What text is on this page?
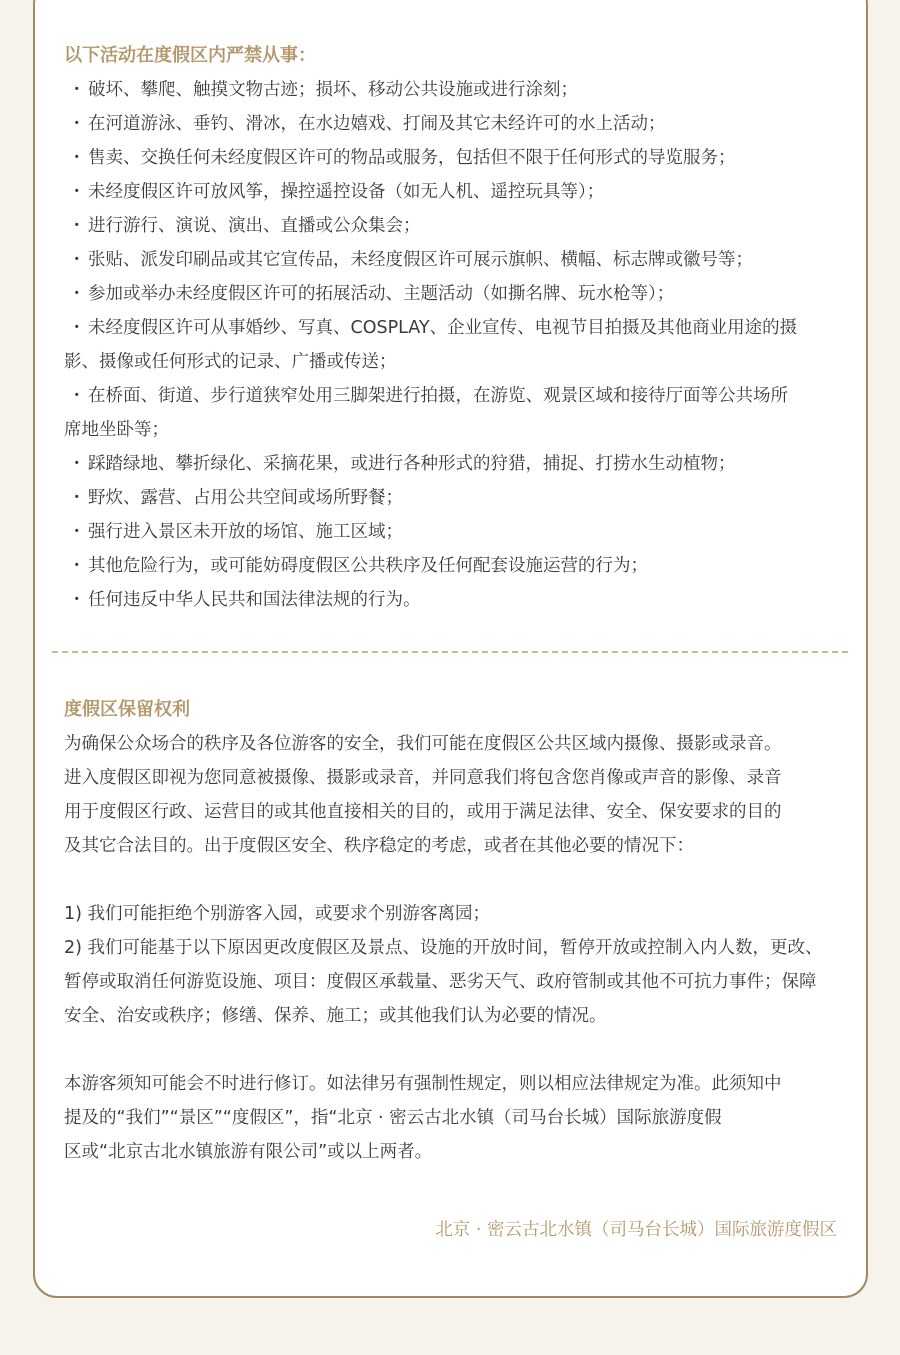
以下活动在度假区内严禁从事：
・ 破坏、攀爬、触摸文物古迹；损坏、移动公共设施或进行涂刻；
・ 在河道游泳、垂钓、滑冰，在水边嬉戏、打闹及其它未经许可的水上活动；
・ 售卖、交换任何未经度假区许可的物品或服务，包括但不限于任何形式的导览服务；
・ 未经度假区许可放风筝，操控遥控设备（如无人机、遥控玩具等）；
・ 进行游行、演说、演出、直播或公众集会；
・ 张贴、派发印刷品或其它宣传品，未经度假区许可展示旗帜、横幅、标志牌或徽号等；
・ 参加或举办未经度假区许可的拓展活动、主题活动（如撕名牌、玩水枪等）；
・ 未经度假区许可从事婚纱、写真、COSPLAY、企业宣传、电视节目拍摄及其他商业用途的摄
影、摄像或任何形式的记录、广播或传送；
・ 在桥面、街道、步行道狭窄处用三脚架进行拍摄，在游览、观景区域和接待厅面等公共场所
席地坐卧等；
・ 踩踏绿地、攀折绿化、采摘花果，或进行各种形式的狩猎，捕捉、打捞水生动植物；
・ 野炊、露营、占用公共空间或场所野餐；
・ 强行进入景区未开放的场馆、施工区域；
・ 其他危险行为，或可能妨碍度假区公共秩序及任何配套设施运营的行为；
・ 任何违反中华人民共和国法律法规的行为。
度假区保留权利
为确保公众场合的秩序及各位游客的安全，我们可能在度假区公共区域内摄像、摄影或录音。
进入度假区即视为您同意被摄像、摄影或录音，并同意我们将包含您肖像或声音的影像、录音
用于度假区行政、运营目的或其他直接相关的目的，或用于满足法律、安全、保安要求的目的
及其它合法目的。出于度假区安全、秩序稳定的考虑，或者在其他必要的情况下：
1) 我们可能拒绝个别游客入园，或要求个别游客离园；
2) 我们可能基于以下原因更改度假区及景点、设施的开放时间，暂停开放或控制入内人数，更改、
暂停或取消任何游览设施、项目：度假区承载量、恶劣天气、政府管制或其他不可抗力事件；保障
安全、治安或秩序；修缮、保养、施工；或其他我们认为必要的情况。
本游客须知可能会不时进行修订。如法律另有强制性规定，则以相应法律规定为准。此须知中
提及的“我们”“景区”“度假区”，指“北京 · 密云古北水镇（司马台长城）国际旅游度假
区或“北京古北水镇旅游有限公司”或以上两者。
北京 · 密云古北水镇（司马台长城）国际旅游度假区
